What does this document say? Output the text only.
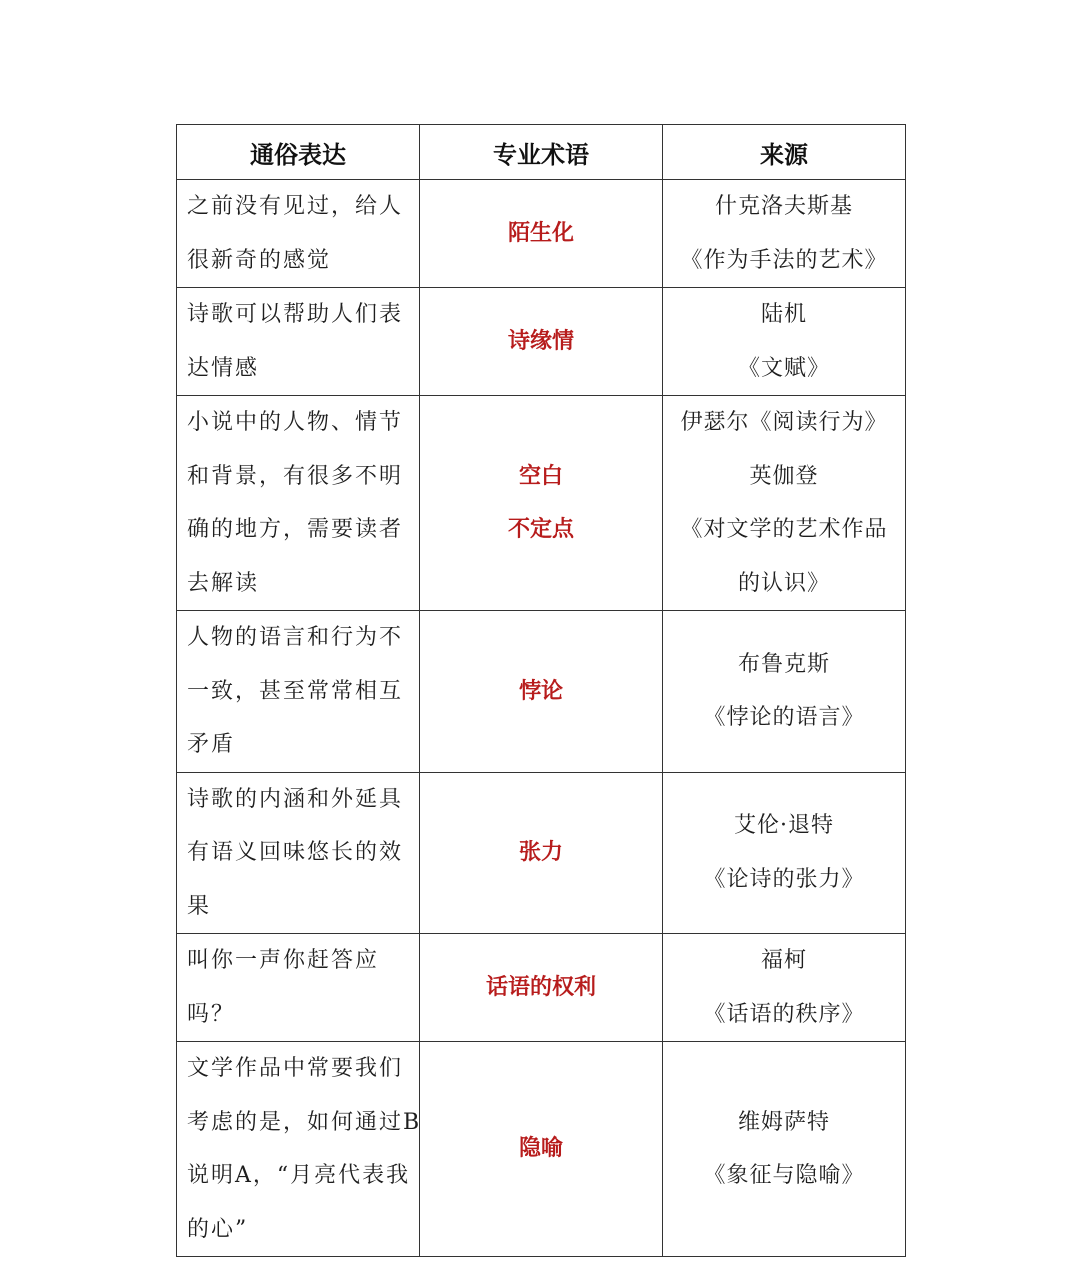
通俗表达	专业术语	来源

之前没有见过，给人
很新奇的感觉	陌生化	什克洛夫斯基
《作为手法的艺术》

诗歌可以帮助人们表
达情感	诗缘情	陆机
《文赋》

小说中的人物、情节
和背景，有很多不明
确的地方，需要读者
去解读	空白
不定点	伊瑟尔《阅读行为》
英伽登
《对文学的艺术作品
的认识》

人物的语言和行为不
一致，甚至常常相互
矛盾	悖论	布鲁克斯
《悖论的语言》

诗歌的内涵和外延具
有语义回味悠长的效
果	张力	艾伦·退特
《论诗的张力》

叫你一声你赶答应
吗？	话语的权利	福柯
《话语的秩序》

文学作品中常要我们
考虑的是，如何通过B
说明A，“月亮代表我
的心”	隐喻	维姆萨特
《象征与隐喻》
